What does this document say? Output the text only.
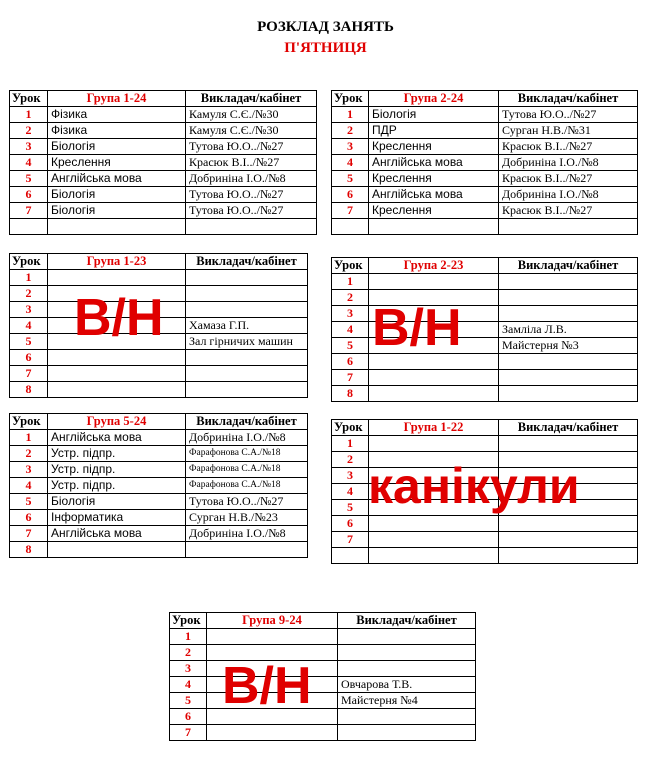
РОЗКЛАД ЗАНЯТЬ
П'ЯТНИЦЯ
Урок	Група 1-24	Викладач/кабінет
1	Фізика	Камуля С.Є./№30
2	Фізика	Камуля С.Є./№30
3	Біологія	Тутова Ю.О../№27
4	Креслення	Красюк В.І../№27
5	Англійська мова	Добриніна І.О./№8
6	Біологія	Тутова Ю.О../№27
7	Біологія	Тутова Ю.О../№27

Урок	Група 2-24	Викладач/кабінет
1	Біологія	Тутова Ю.О../№27
2	ПДР	Сурган Н.В./№31
3	Креслення	Красюк В.І../№27
4	Англійська мова	Добриніна І.О./№8
5	Креслення	Красюк В.І../№27
6	Англійська мова	Добриніна І.О./№8
7	Креслення	Красюк В.І../№27

Урок	Група 1-23	Викладач/кабінет
1		
2		
3		
4		Хамаза Г.П.
5		Зал гірничих машин
6		
7		
8		
Урок	Група 2-23	Викладач/кабінет
1		
2		
3		
4		Замліла Л.В.
5		Майстерня №3
6		
7		
8		
Урок	Група 5-24	Викладач/кабінет
1	Англійська мова	Добриніна І.О./№8
2	Устр. підпр.	Фарафонова С.А./№18
3	Устр. підпр.	Фарафонова С.А./№18
4	Устр. підпр.	Фарафонова С.А./№18
5	Біологія	Тутова Ю.О../№27
6	Інформатика	Сурган Н.В./№23
7	Англійська мова	Добриніна І.О./№8
8		
Урок	Група 1-22	Викладач/кабінет
1		
2		
3		
4		
5		
6		
7		

Урок	Група 9-24	Викладач/кабінет
1		
2		
3		
4		Овчарова Т.В.
5		Майстерня №4
6		
7		
В/Н	В/Н
канікули
В/Н
